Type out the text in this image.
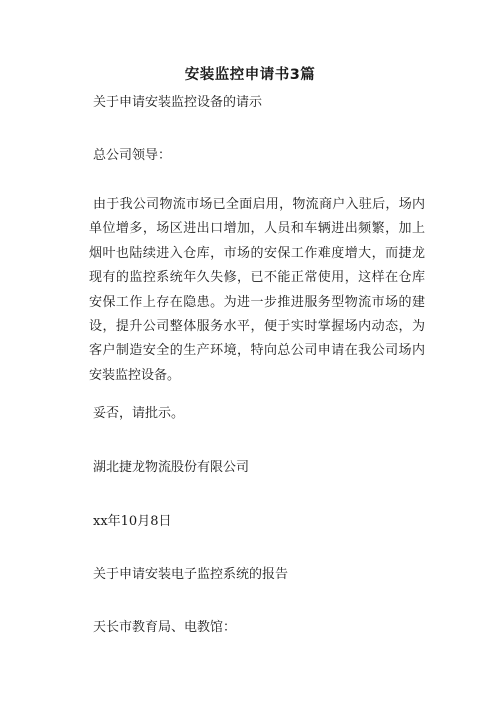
安装监控申请书3篇
关于申请安装监控设备的请示
总公司领导：
由于我公司物流市场已全面启用，物流商户入驻后，场内单位增多，场区进出口增加，人员和车辆进出频繁，加上烟叶也陆续进入仓库，市场的安保工作难度增大，而捷龙现有的监控系统年久失修，已不能正常使用，这样在仓库安保工作上存在隐患。为进一步推进服务型物流市场的建设，提升公司整体服务水平，便于实时掌握场内动态，为客户制造安全的生产环境，特向总公司申请在我公司场内安装监控设备。
妥否，请批示。
湖北捷龙物流股份有限公司
xx年10月8日
关于申请安装电子监控系统的报告
天长市教育局、电教馆：
